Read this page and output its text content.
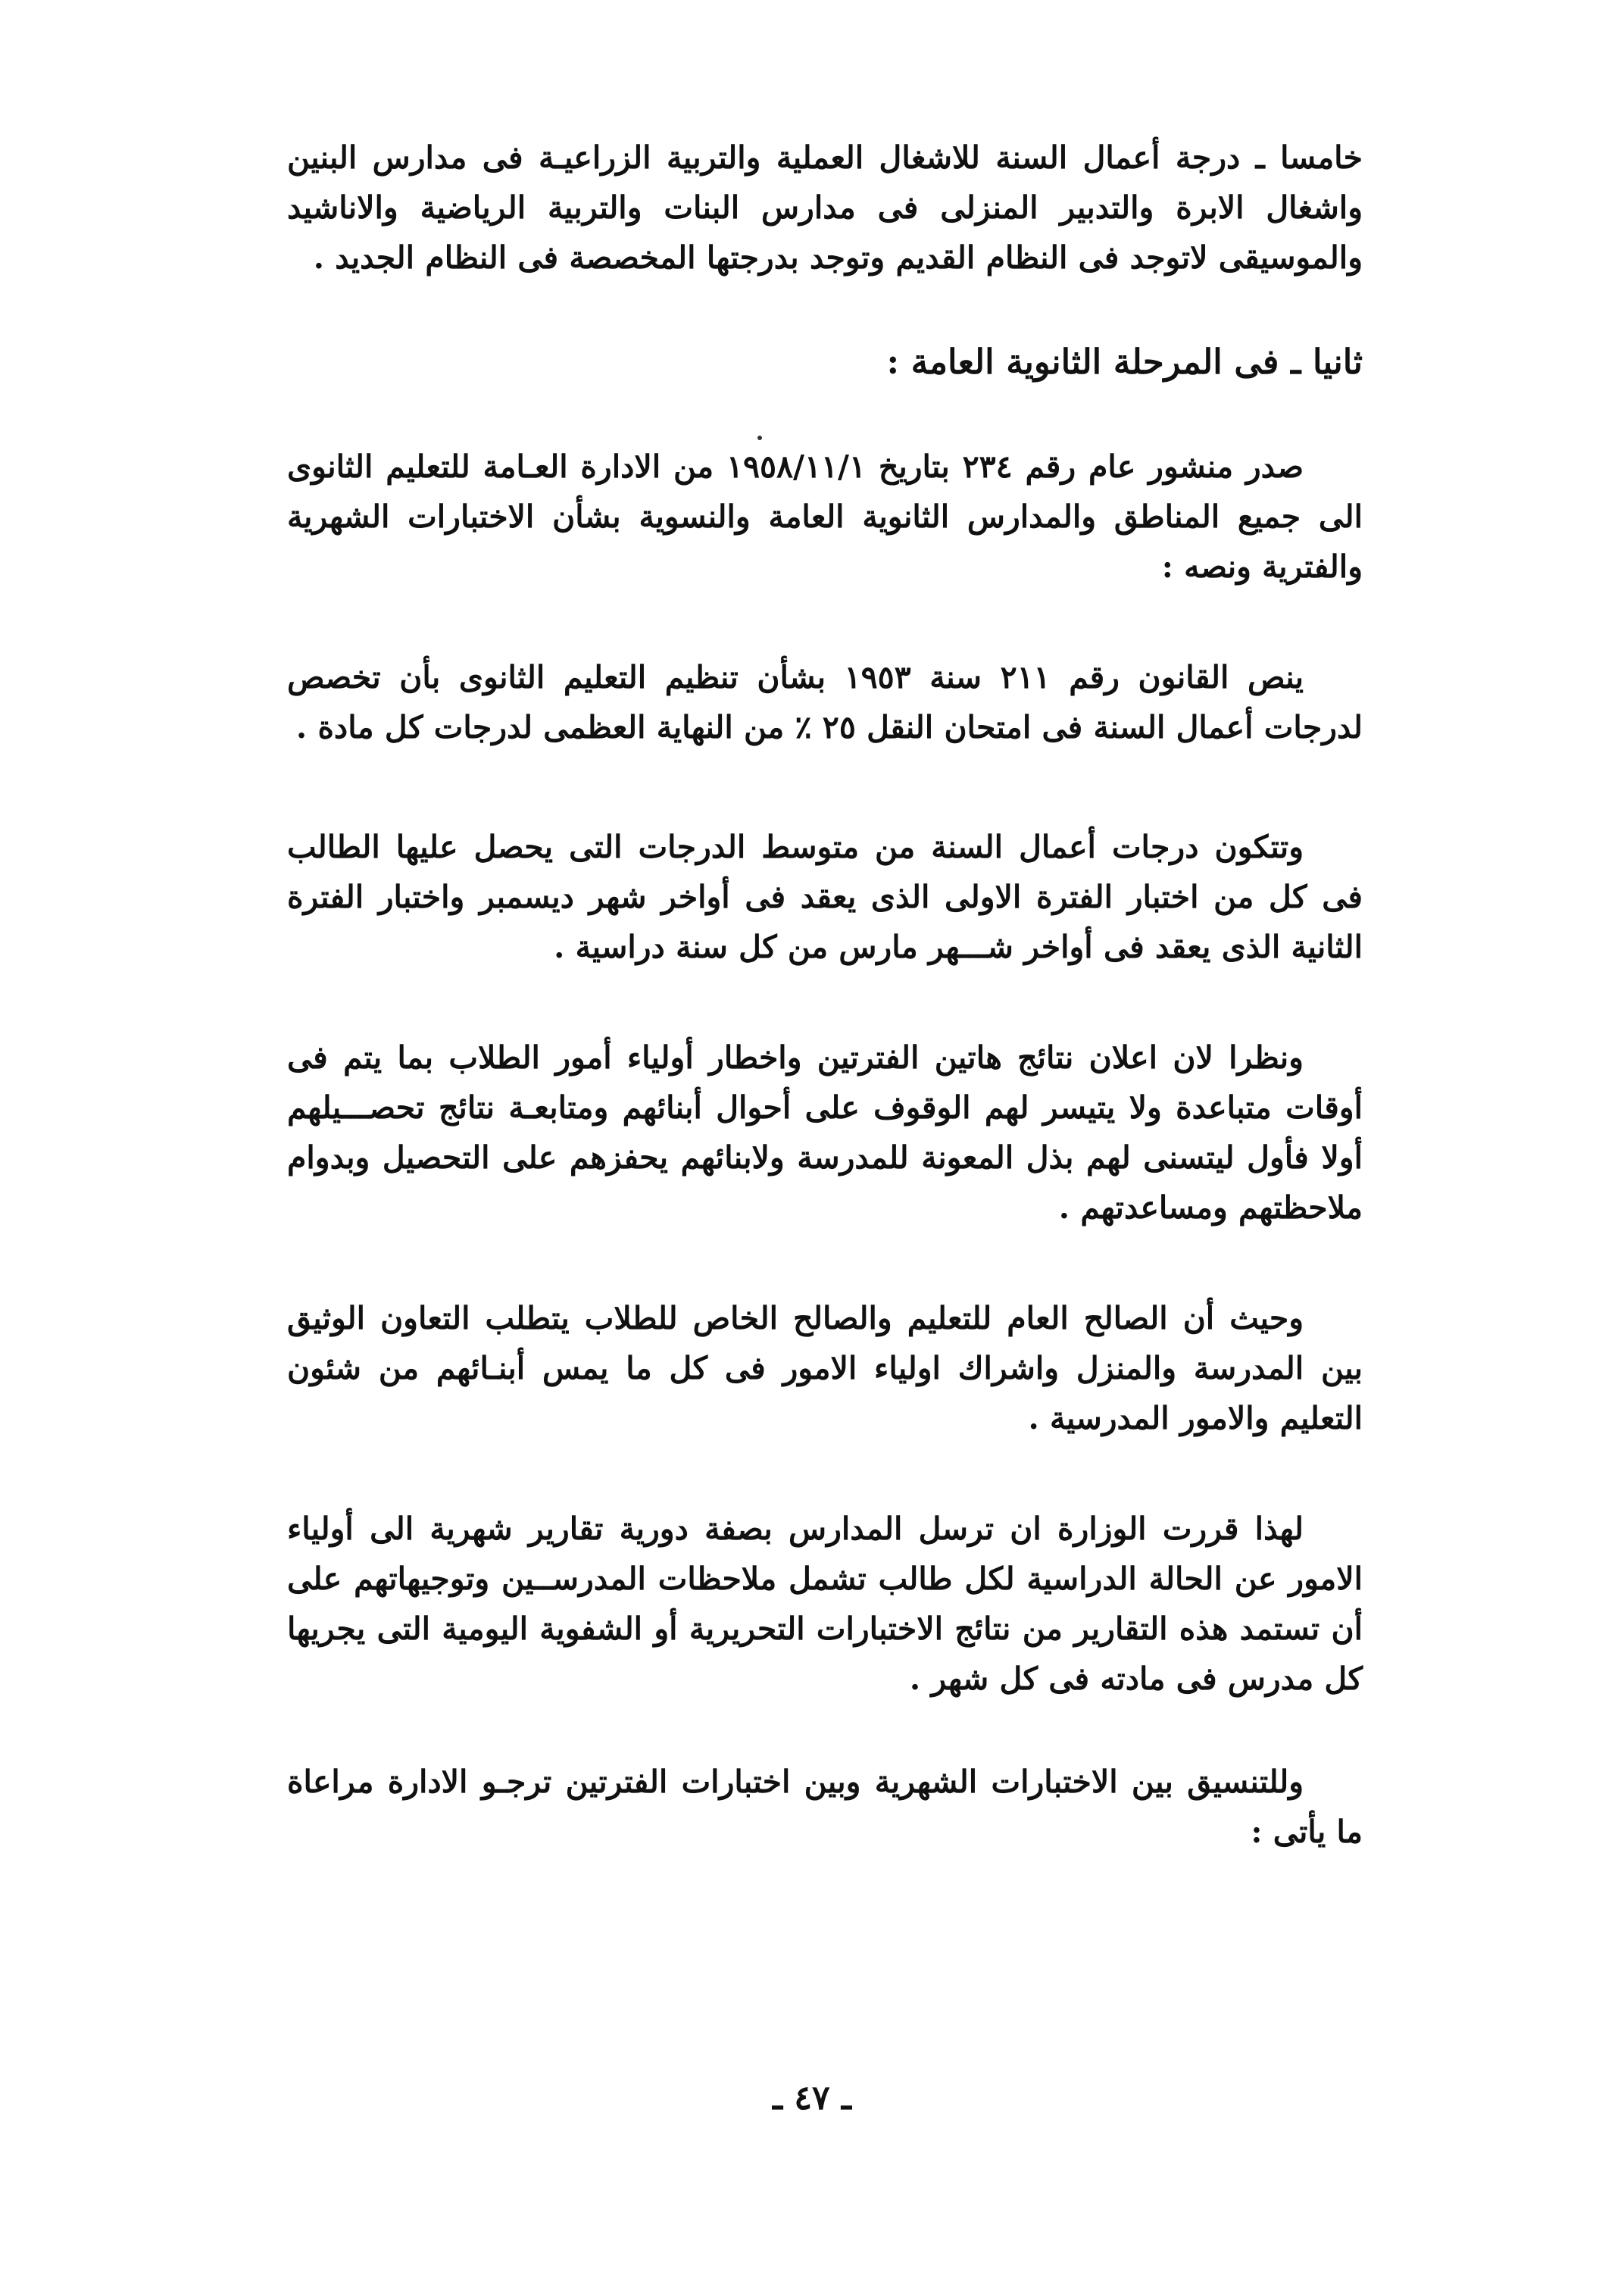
خامسا ـ درجة أعمال السنة للاشغال العملية والتربية الزراعيـة فى مدارس البنين واشغال الابرة والتدبير المنزلى فى مدارس البنات والتربية الرياضية والاناشيد والموسيقى لاتوجد فى النظام القديم وتوجد بدرجتها المخصصة فى النظام الجديد .

ثانيا ـ فى المرحلة الثانوية العامة :

صدر منشور عام رقم ٢٣٤ بتاريخ ١٩٥٨/١١/١ من الادارة العـامة للتعليم الثانوى الى جميع المناطق والمدارس الثانوية العامة والنسوية بشأن الاختبارات الشهرية والفترية ونصه :

ينص القانون رقم ٢١١ سنة ١٩٥٣ بشأن تنظيم التعليم الثانوى بأن تخصص لدرجات أعمال السنة فى امتحان النقل ٢٥ ٪ من النهاية العظمى لدرجات كل مادة .

وتتكون درجات أعمال السنة من متوسط الدرجات التى يحصل عليها الطالب فى كل من اختبار الفترة الاولى الذى يعقد فى أواخر شهر ديسمبر واختبار الفترة الثانية الذى يعقد فى أواخر شـــهر مارس من كل سنة دراسية .

ونظرا لان اعلان نتائج هاتين الفترتين واخطار أولياء أمور الطلاب بما يتم فى أوقات متباعدة ولا يتيسر لهم الوقوف على أحوال أبنائهم ومتابعـة نتائج تحصـــيلهم أولا فأول ليتسنى لهم بذل المعونة للمدرسة ولابنائهم يحفزهم على التحصيل وبدوام ملاحظتهم ومساعدتهم .

وحيث أن الصالح العام للتعليم والصالح الخاص للطلاب يتطلب التعاون الوثيق بين المدرسة والمنزل واشراك اولياء الامور فى كل ما يمس أبنـائهم من شئون التعليم والامور المدرسية .

لهذا قررت الوزارة ان ترسل المدارس بصفة دورية تقارير شهرية الى أولياء الامور عن الحالة الدراسية لكل طالب تشمل ملاحظات المدرســين وتوجيهاتهم على أن تستمد هذه التقارير من نتائج الاختبارات التحريرية أو الشفوية اليومية التى يجريها كل مدرس فى مادته فى كل شهر .

وللتنسيق بين الاختبارات الشهرية وبين اختبارات الفترتين ترجـو الادارة مراعاة ما يأتى :

ـ ٤٧ ـ
